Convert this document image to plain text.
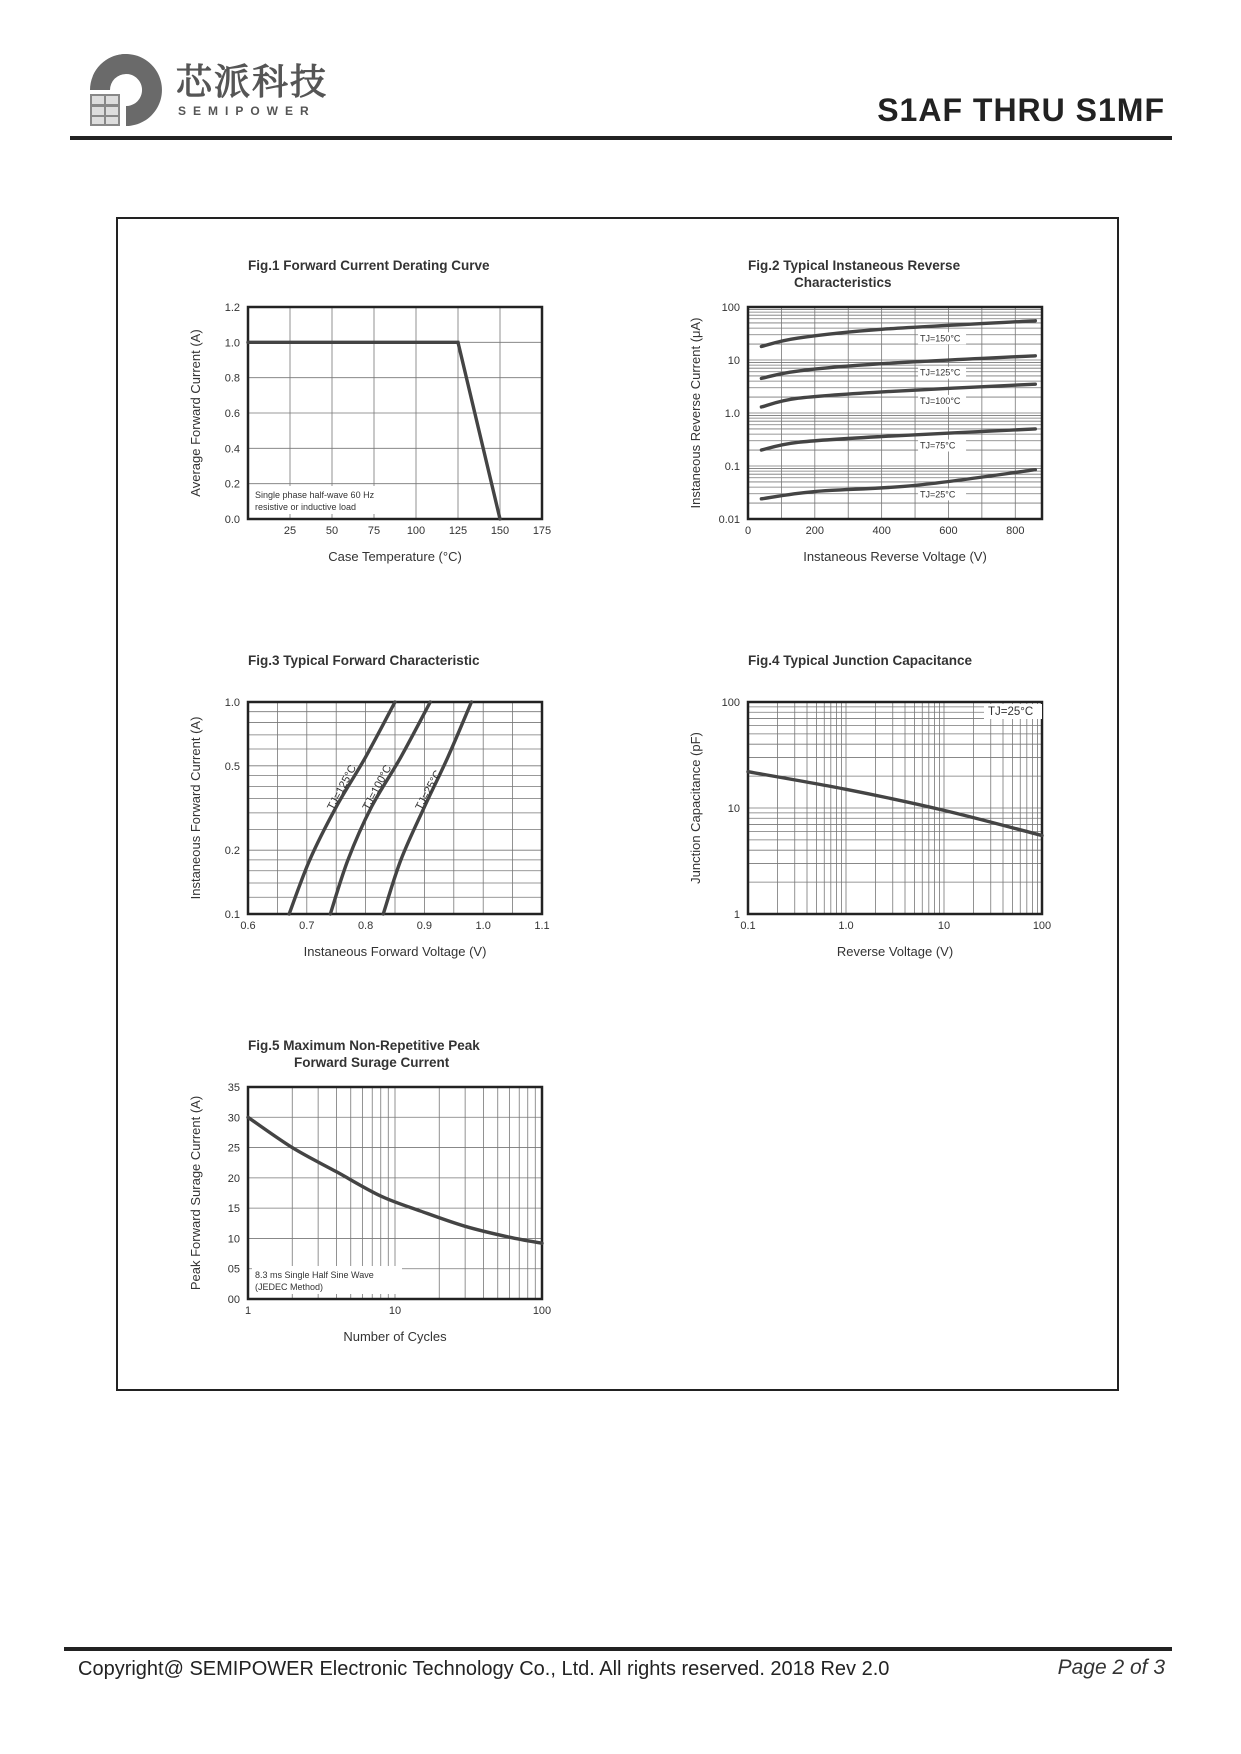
芯派科技
SEMIPOWER	S1AF THRU S1MF
Fig.1 Forward Current Derating Curve
25	50	75 100 125 150 175
0.0
0.2
0.4
0.6
0.8
1.0
1.2
Case Temperature (°C)
Average Forward Current (A)	Single phase half-wave 60 Hz
resistive or inductive load
Fig.2 Typical Instaneous Reverse
Characteristics
0	200	400	600	800
0.01
0.1
1.0
10
100
Instaneous Reverse Voltage (V)
Instaneous Reverse Current (μA)	TJ=150°C
TJ=125°C
TJ=100°C
TJ=75°C
TJ=25°C
Fig.3 Typical Forward Characteristic
0.6	0.7	0.8	0.9	1.0	1.1
0.1
0.2
0.5
1.0
Instaneous Forward Voltage (V)
Instaneous Forward Current (A)	TJ=125°C TJ=100°C TJ=25°C
Fig.4 Typical Junction Capacitance
0.1	1.0	10	100
1
10
100
Reverse Voltage (V)
Junction Capacitance (pF)
TJ=25°C
Fig.5 Maximum Non-Repetitive Peak
Forward Surage Current
1	10	100
00
05
10
15
20
25
30
35
Number of Cycles
Peak Forward Surage Current (A)	8.3 ms Single Half Sine Wave
(JEDEC Method)
Copyright@ SEMIPOWER Electronic Technology Co., Ltd. All rights reserved. 2018 Rev 2.0	Page 2 of 3
